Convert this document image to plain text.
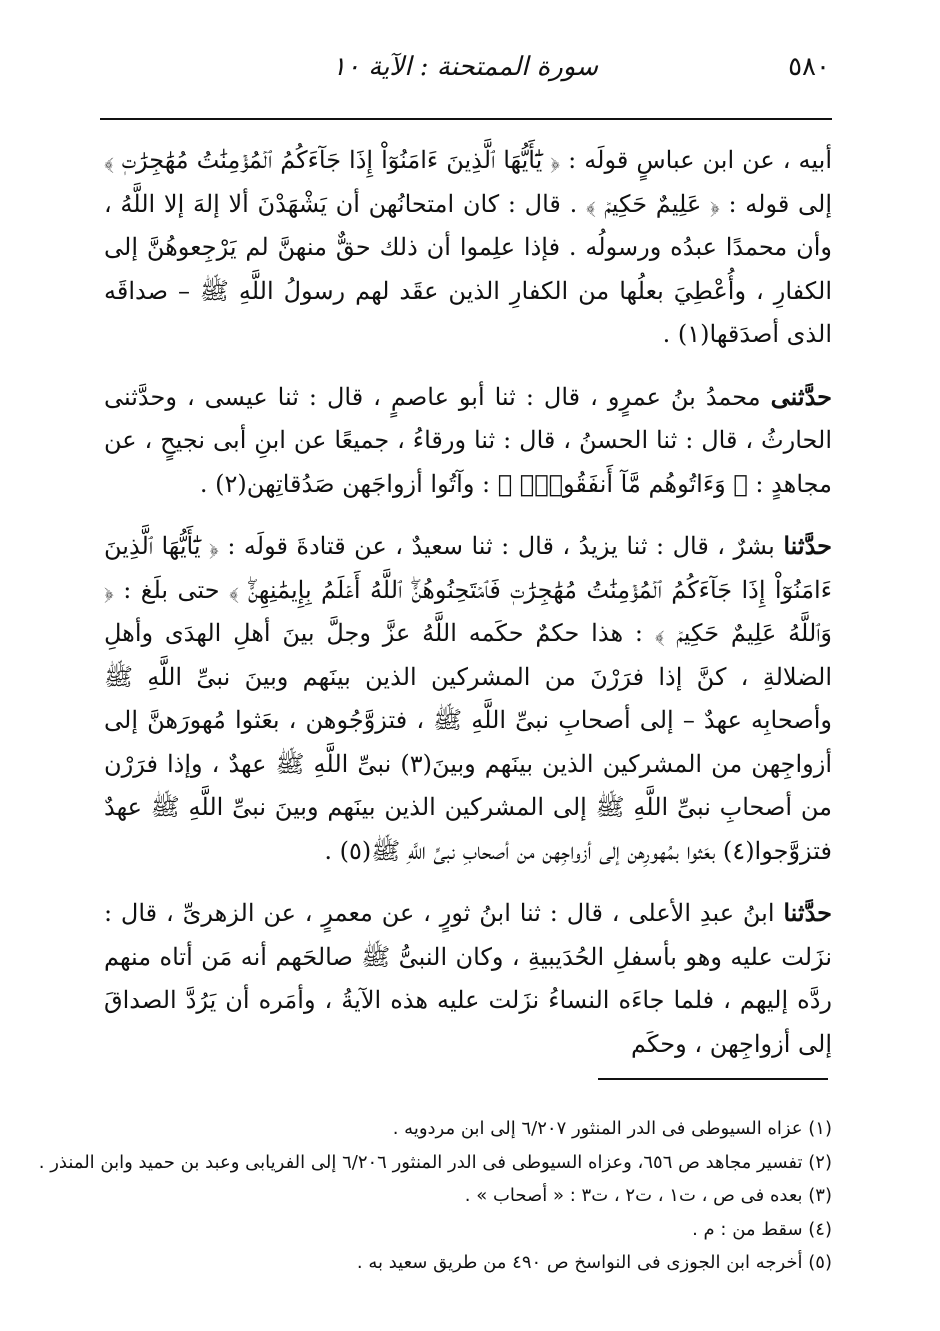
٥٨٠
سورة الممتحنة : الآية ١٠

أبيه ، عن ابن عباسٍ قولَه : ﴿ يَٰٓأَيُّهَا ٱلَّذِينَ ءَامَنُوٓاْ إِذَا جَآءَكُمُ ٱلۡمُؤۡمِنَٰتُ مُهَٰجِرَٰتٖ ﴾ إلى قوله : ﴿ عَلِيمٌ حَكِيمٞ ﴾ . قال : كان امتحانُهن أن يَشْهَدْنَ ألا إلهَ إلا اللَّهُ ، وأن محمدًا عبدُه ورسولُه . فإذا علِموا أن ذلك حقٌّ منهنَّ لم يَرْجِعوهُنَّ إلى الكفارِ ، وأُعْطِيَ بعلُها من الكفارِ الذين عقَد لهم رسولُ اللَّهِ ﷺ – صداقَه الذى أصدَقها(١) .

حدَّثنى محمدُ بنُ عمرٍو ، قال : ثنا أبو عاصمٍ ، قال : ثنا عيسى ، وحدَّثنى الحارثُ ، قال : ثنا الحسنُ ، قال : ثنا ورقاءُ ، جميعًا عن ابنِ أبى نجيحٍ ، عن مجاهدٍ : ﴿ وَءَاتُوهُم مَّآ أَنفَقُواْۚ ﴾ : وآتُوا أزواجَهن صَدُقاتِهن(٢) .

حدَّثنا بشرٌ ، قال : ثنا يزيدُ ، قال : ثنا سعيدٌ ، عن قتادةَ قولَه : ﴿ يَٰٓأَيُّهَا ٱلَّذِينَ ءَامَنُوٓاْ إِذَا جَآءَكُمُ ٱلۡمُؤۡمِنَٰتُ مُهَٰجِرَٰتٖ فَٱمۡتَحِنُوهُنَّۖ ٱللَّهُ أَعۡلَمُ بِإِيمَٰنِهِنَّۖ ﴾ حتى بلَغ : ﴿ وَٱللَّهُ عَلِيمٌ حَكِيمٞ ﴾ : هذا حكمٌ حكَمه اللَّهُ عزَّ وجلَّ بينَ أهلِ الهدَى وأهلِ الضلالةِ ، كنَّ إذا فرَرْنَ من المشركين الذين بينَهم وبينَ نبىِّ اللَّهِ ﷺ وأصحابِه عهدٌ – إلى أصحابِ نبىِّ اللَّهِ ﷺ ، فتزوَّجُوهن ، بعَثوا مُهورَهنَّ إلى أزواجِهن من المشركين الذين بينَهم وبينَ(٣) نبىِّ اللَّهِ ﷺ عهدٌ ، وإذا فرَرْن من أصحابِ نبىِّ اللَّهِ ﷺ إلى المشركين الذين بينَهم وبينَ نبىِّ اللَّهِ ﷺ عهدٌ فتزوَّجوا(٤) بعَثوا بمُهورِهن إلى أزواجِهن من أصحابِ نبىِّ اللَّهِ ﷺ(٥) .

حدَّثنا ابنُ عبدِ الأعلى ، قال : ثنا ابنُ ثورٍ ، عن معمرٍ ، عن الزهرىِّ ، قال : نزَلت عليه وهو بأسفلِ الحُدَيبيةِ ، وكان النبىُّ ﷺ صالحَهم أنه مَن أتاه منهم ردَّه إليهم ، فلما جاءَه النساءُ نزَلت عليه هذه الآيةُ ، وأمَره أن يَرُدَّ الصداقَ إلى أزواجِهن ، وحكَم

(١) عزاه السيوطى فى الدر المنثور ٦/٢٠٧ إلى ابن مردويه .

(٢) تفسير مجاهد ص ٦٥٦، وعزاه السيوطى فى الدر المنثور ٦/٢٠٦ إلى الفريابى وعبد بن حميد وابن المنذر .

(٣) بعده فى ص ، ت١ ، ت٢ ، ت٣ : « أصحاب » .

(٤) سقط من : م .

(٥) أخرجه ابن الجوزى فى النواسخ ص ٤٩٠ من طريق سعيد به .
